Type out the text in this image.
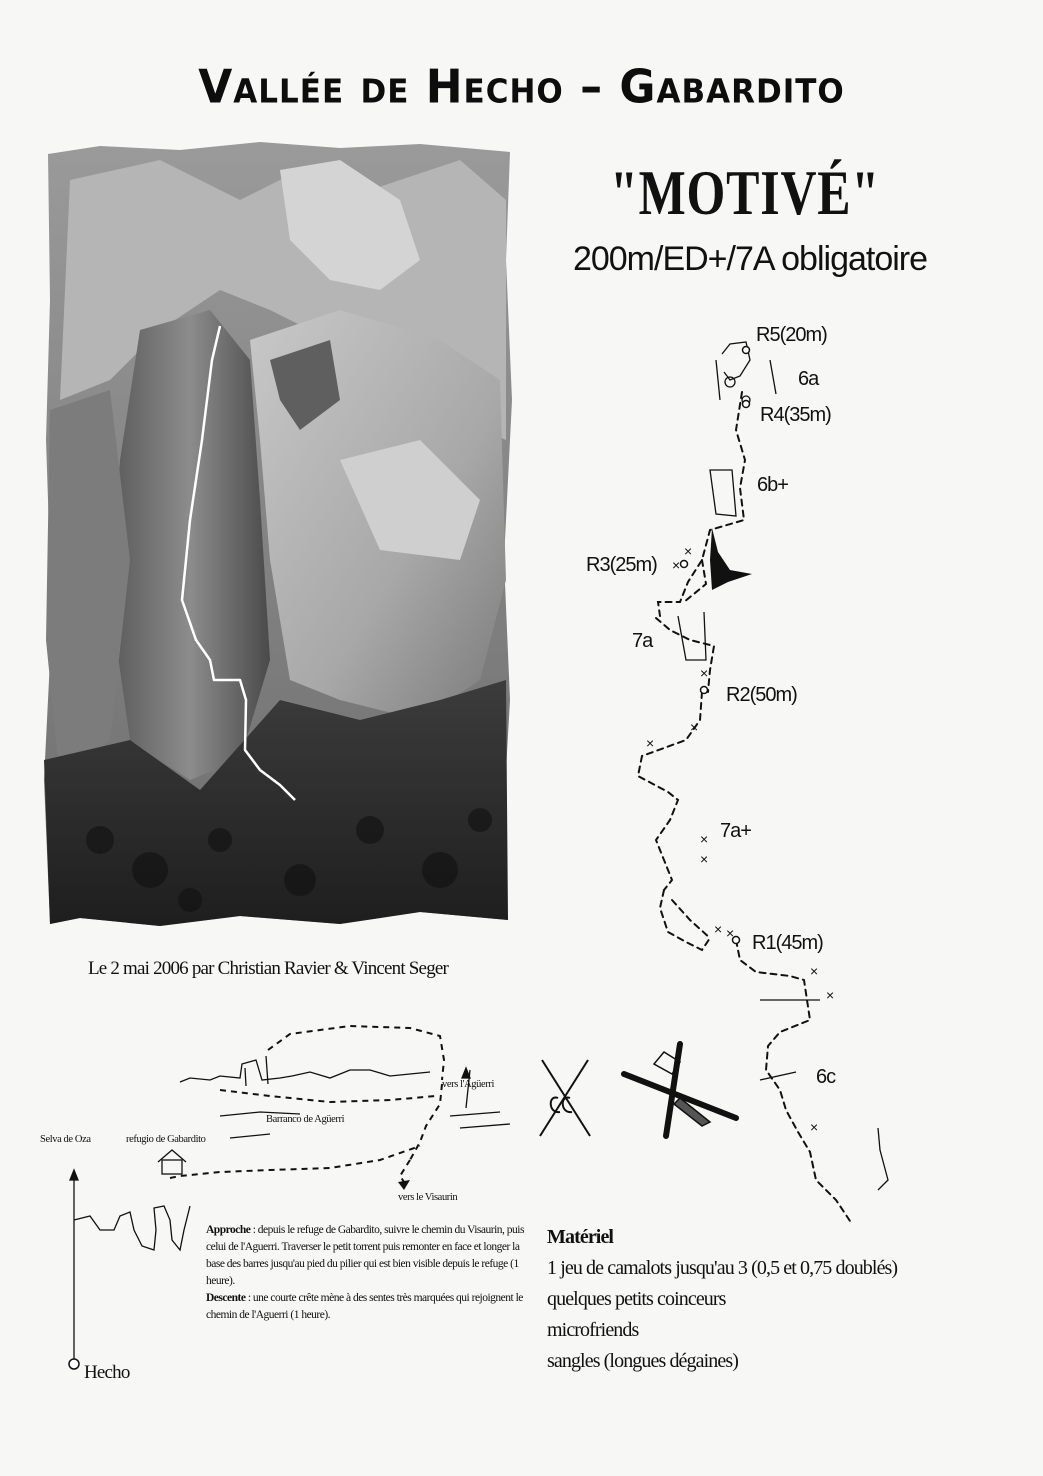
Vallée de Hecho – Gabardito
"MOTIVÉ"
200m/ED+/7A obligatoire
Le 2 mai 2006 par Christian Ravier & Vincent Seger
×
×
×
×
×
×
×
× ×
×
×
×
R5(20m)
6a
R4(35m)
6b+
R3(25m)
7a
R2(50m)
7a+
R1(45m)
6c
Selva de Oza	refugio de Gabardito
vers l'Agüerri
Barranco de Agüerri
vers le Visaurin
Hecho
Approche : depuis le refuge de Gabardito, suivre le chemin du Visaurin, puis celui de l'Aguerri. Traverser le petit torrent puis remonter en face et longer la base des barres jusqu'au pied du pilier qui est bien visible depuis le refuge (1 heure).
Descente : une courte crête mène à des sentes très marquées qui rejoignent le chemin de l'Aguerri (1 heure).
Matériel
1 jeu de camalots jusqu'au 3 (0,5 et 0,75 doublés)
quelques petits coinceurs
microfriends
sangles (longues dégaines)
